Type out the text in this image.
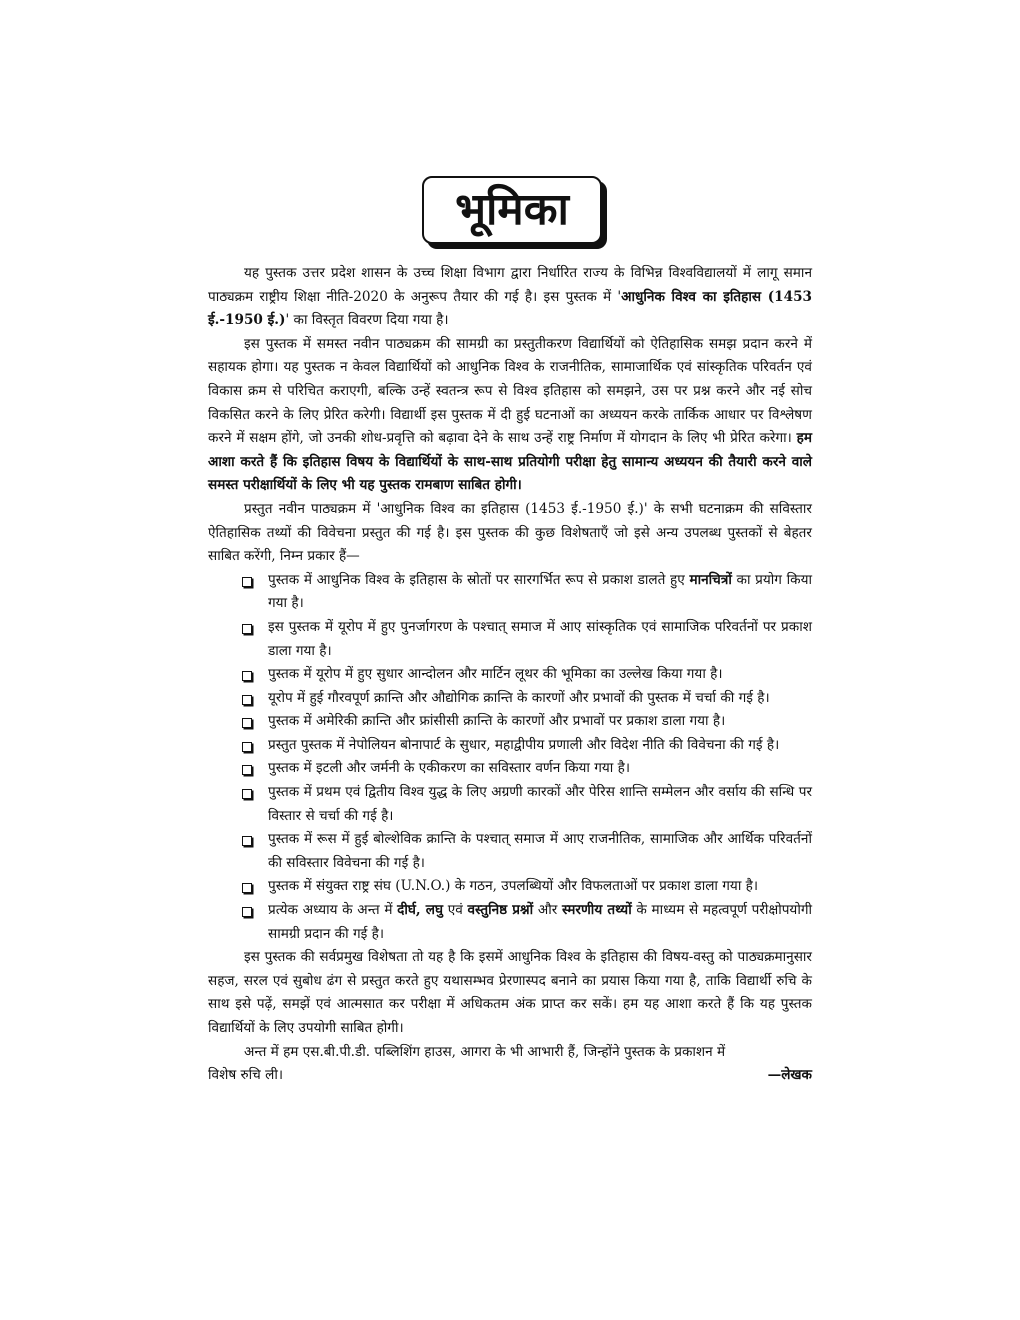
भूमिका

यह पुस्तक उत्तर प्रदेश शासन के उच्च शिक्षा विभाग द्वारा निर्धारित राज्य के विभिन्न विश्वविद्यालयों में लागू समान पाठ्यक्रम राष्ट्रीय शिक्षा नीति-2020 के अनुरूप तैयार की गई है। इस पुस्तक में 'आधुनिक विश्व का इतिहास (1453 ई.-1950 ई.)' का विस्तृत विवरण दिया गया है।

इस पुस्तक में समस्त नवीन पाठ्यक्रम की सामग्री का प्रस्तुतीकरण विद्यार्थियों को ऐतिहासिक समझ प्रदान करने में सहायक होगा। यह पुस्तक न केवल विद्यार्थियों को आधुनिक विश्व के राजनीतिक, सामाजार्थिक एवं सांस्कृतिक परिवर्तन एवं विकास क्रम से परिचित कराएगी, बल्कि उन्हें स्वतन्त्र रूप से विश्व इतिहास को समझने, उस पर प्रश्न करने और नई सोच विकसित करने के लिए प्रेरित करेगी। विद्यार्थी इस पुस्तक में दी हुई घटनाओं का अध्ययन करके तार्किक आधार पर विश्लेषण करने में सक्षम होंगे, जो उनकी शोध-प्रवृत्ति को बढ़ावा देने के साथ उन्हें राष्ट्र निर्माण में योगदान के लिए भी प्रेरित करेगा। हम आशा करते हैं कि इतिहास विषय के विद्यार्थियों के साथ-साथ प्रतियोगी परीक्षा हेतु सामान्य अध्ययन की तैयारी करने वाले समस्त परीक्षार्थियों के लिए भी यह पुस्तक रामबाण साबित होगी।

प्रस्तुत नवीन पाठ्यक्रम में 'आधुनिक विश्व का इतिहास (1453 ई.-1950 ई.)' के सभी घटनाक्रम की सविस्तार ऐतिहासिक तथ्यों की विवेचना प्रस्तुत की गई है। इस पुस्तक की कुछ विशेषताएँ जो इसे अन्य उपलब्ध पुस्तकों से बेहतर साबित करेंगी, निम्न प्रकार हैं—

पुस्तक में आधुनिक विश्व के इतिहास के स्रोतों पर सारगर्भित रूप से प्रकाश डालते हुए मानचित्रों का प्रयोग किया गया है।
इस पुस्तक में यूरोप में हुए पुनर्जागरण के पश्चात् समाज में आए सांस्कृतिक एवं सामाजिक परिवर्तनों पर प्रकाश डाला गया है।
पुस्तक में यूरोप में हुए सुधार आन्दोलन और मार्टिन लूथर की भूमिका का उल्लेख किया गया है।
यूरोप में हुई गौरवपूर्ण क्रान्ति और औद्योगिक क्रान्ति के कारणों और प्रभावों की पुस्तक में चर्चा की गई है।
पुस्तक में अमेरिकी क्रान्ति और फ्रांसीसी क्रान्ति के कारणों और प्रभावों पर प्रकाश डाला गया है।
प्रस्तुत पुस्तक में नेपोलियन बोनापार्ट के सुधार, महाद्वीपीय प्रणाली और विदेश नीति की विवेचना की गई है।
पुस्तक में इटली और जर्मनी के एकीकरण का सविस्तार वर्णन किया गया है।
पुस्तक में प्रथम एवं द्वितीय विश्व युद्ध के लिए अग्रणी कारकों और पेरिस शान्ति सम्मेलन और वर्साय की सन्धि पर विस्तार से चर्चा की गई है।
पुस्तक में रूस में हुई बोल्शेविक क्रान्ति के पश्चात् समाज में आए राजनीतिक, सामाजिक और आर्थिक परिवर्तनों की सविस्तार विवेचना की गई है।
पुस्तक में संयुक्त राष्ट्र संघ (U.N.O.) के गठन, उपलब्धियों और विफलताओं पर प्रकाश डाला गया है।
प्रत्येक अध्याय के अन्त में दीर्घ, लघु एवं वस्तुनिष्ठ प्रश्नों और स्मरणीय तथ्यों के माध्यम से महत्वपूर्ण परीक्षोपयोगी सामग्री प्रदान की गई है।

इस पुस्तक की सर्वप्रमुख विशेषता तो यह है कि इसमें आधुनिक विश्व के इतिहास की विषय-वस्तु को पाठ्यक्रमानुसार सहज, सरल एवं सुबोध ढंग से प्रस्तुत करते हुए यथासम्भव प्रेरणास्पद बनाने का प्रयास किया गया है, ताकि विद्यार्थी रुचि के साथ इसे पढ़ें, समझें एवं आत्मसात कर परीक्षा में अधिकतम अंक प्राप्त कर सकें। हम यह आशा करते हैं कि यह पुस्तक विद्यार्थियों के लिए उपयोगी साबित होगी।

अन्त में हम एस.बी.पी.डी. पब्लिशिंग हाउस, आगरा के भी आभारी हैं, जिन्होंने पुस्तक के प्रकाशन में

विशेष रुचि ली।	—लेखक
